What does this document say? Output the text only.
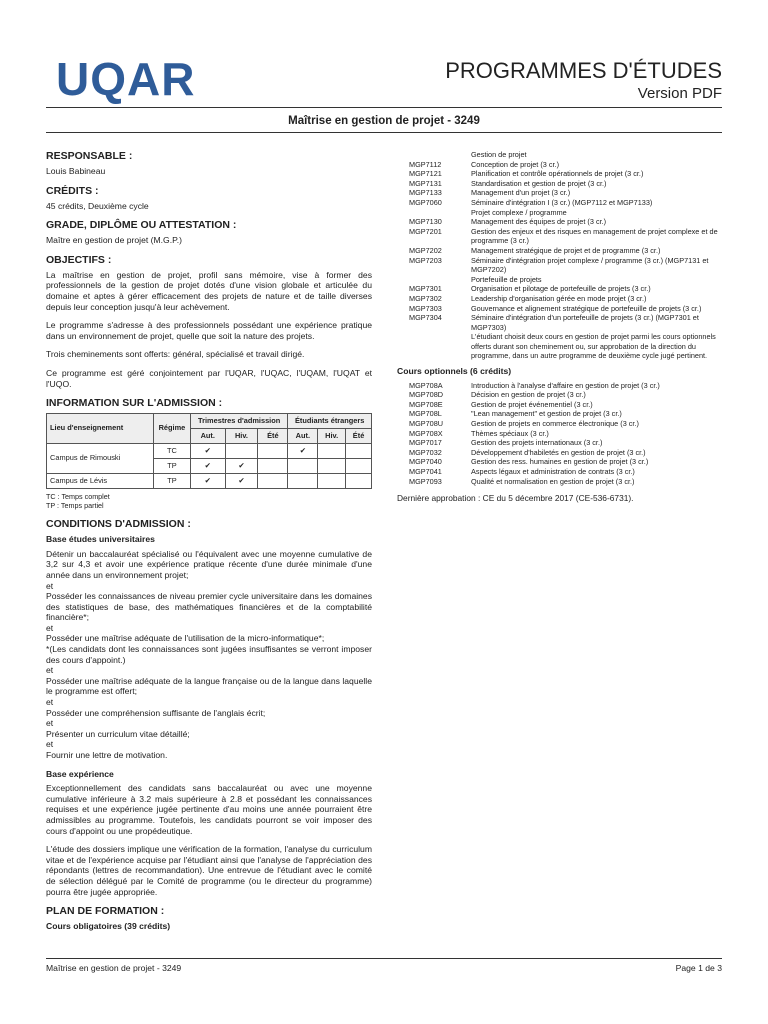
UQAR	PROGRAMMES D'ÉTUDES
Version PDF
Maîtrise en gestion de projet - 3249
RESPONSABLE :

Louis Babineau

CRÉDITS :

45 crédits, Deuxième cycle

GRADE, DIPLÔME OU ATTESTATION :

Maître en gestion de projet (M.G.P.)

OBJECTIFS :

La maîtrise en gestion de projet, profil sans mémoire, vise à former des professionnels de la gestion de projet dotés d'une vision globale et articulée du domaine et aptes à gérer efficacement des projets de nature et de taille diverses depuis leur conception jusqu'à leur achèvement.

Le programme s'adresse à des professionnels possédant une expérience pratique dans un environnement de projet, quelle que soit la nature des projets.

Trois cheminements sont offerts: général, spécialisé et travail dirigé.

Ce programme est géré conjointement par l'UQAR, l'UQAC, l'UQAM, l'UQAT et l'UQO.

INFORMATION SUR L'ADMISSION :
Lieu d'enseignement	Régime	Trimestres d'admission			Étudiants étrangers		
		Aut.	Hiv.	Été	Aut.	Hiv.	Été
Campus de Rimouski	TC	✔			✔		
	TP	✔	✔				
Campus de Lévis	TP	✔	✔				
TC : Temps complet
TP : Temps partiel
CONDITIONS D'ADMISSION :
Base études universitaires
Détenir un baccalauréat spécialisé ou l'équivalent avec une moyenne cumulative de 3,2 sur 4,3 et avoir une expérience pratique récente d'une durée minimale d'une année dans un environnement projet;
et
Posséder les connaissances de niveau premier cycle universitaire dans les domaines des statistiques de base, des mathématiques financières et de la comptabilité financière*;
et
Posséder une maîtrise adéquate de l'utilisation de la micro-informatique*;
*(Les candidats dont les connaissances sont jugées insuffisantes se verront imposer des cours d'appoint.)
et
Posséder une maîtrise adéquate de la langue française ou de la langue dans laquelle le programme est offert;
et
Posséder une compréhension suffisante de l'anglais écrit;
et
Présenter un curriculum vitae détaillé;
et
Fournir une lettre de motivation.
Base expérience

Exceptionnellement des candidats sans baccalauréat ou avec une moyenne cumulative inférieure à 3.2 mais supérieure à 2.8 et possédant les connaissances requises et une expérience jugée pertinente d'au moins une année pourraient être admissibles au programme. Toutefois, les candidats pourront se voir imposer des cours d'appoint ou une propédeutique.

L'étude des dossiers implique une vérification de la formation, l'analyse du curriculum vitae et de l'expérience acquise par l'étudiant ainsi que l'analyse de l'appréciation des répondants (lettres de recommandation). Une entrevue de l'étudiant avec le comité de sélection délégué par le Comité de programme (ou le directeur du programme) pourra être jugée appropriée.

PLAN DE FORMATION :
Cours obligatoires (39 crédits)
Gestion de projet
MGP7112	Conception de projet (3 cr.)
MGP7121	Planification et contrôle opérationnels de projet (3 cr.)
MGP7131	Standardisation et gestion de projet (3 cr.)
MGP7133	Management d'un projet (3 cr.)
MGP7060	Séminaire d'intégration I (3 cr.) (MGP7112 et MGP7133)
Projet complexe / programme
MGP7130	Management des équipes de projet (3 cr.)
MGP7201	Gestion des enjeux et des risques en management de projet complexe et de programme (3 cr.)
MGP7202	Management stratégique de projet et de programme (3 cr.)
MGP7203	Séminaire d'intégration projet complexe / programme (3 cr.) (MGP7131 et MGP7202)
Portefeuille de projets
MGP7301	Organisation et pilotage de portefeuille de projets (3 cr.)
MGP7302	Leadership d'organisation gérée en mode projet (3 cr.)
MGP7303	Gouvernance et alignement stratégique de portefeuille de projets (3 cr.)
MGP7304	Séminaire d'intégration d'un portefeuille de projets (3 cr.) (MGP7301 et MGP7303)
L'étudiant choisit deux cours en gestion de projet parmi les cours optionnels offerts durant son cheminement ou, sur approbation de la direction du programme, dans un autre programme de deuxième cycle jugé pertinent.
Cours optionnels (6 crédits)
MGP708A	Introduction à l'analyse d'affaire en gestion de projet (3 cr.)
MGP708D	Décision en gestion de projet (3 cr.)
MGP708E	Gestion de projet événementiel (3 cr.)
MGP708L	"Lean management" et gestion de projet (3 cr.)
MGP708U	Gestion de projets en commerce électronique (3 cr.)
MGP708X	Thèmes spéciaux (3 cr.)
MGP7017	Gestion des projets internationaux (3 cr.)
MGP7032	Développement d'habiletés en gestion de projet (3 cr.)
MGP7040	Gestion des ress. humaines en gestion de projet (3 cr.)
MGP7041	Aspects légaux et administration de contrats (3 cr.)
MGP7093	Qualité et normalisation en gestion de projet (3 cr.)
Dernière approbation : CE du 5 décembre 2017 (CE-536-6731).
Maîtrise en gestion de projet - 3249	Page 1 de 3
